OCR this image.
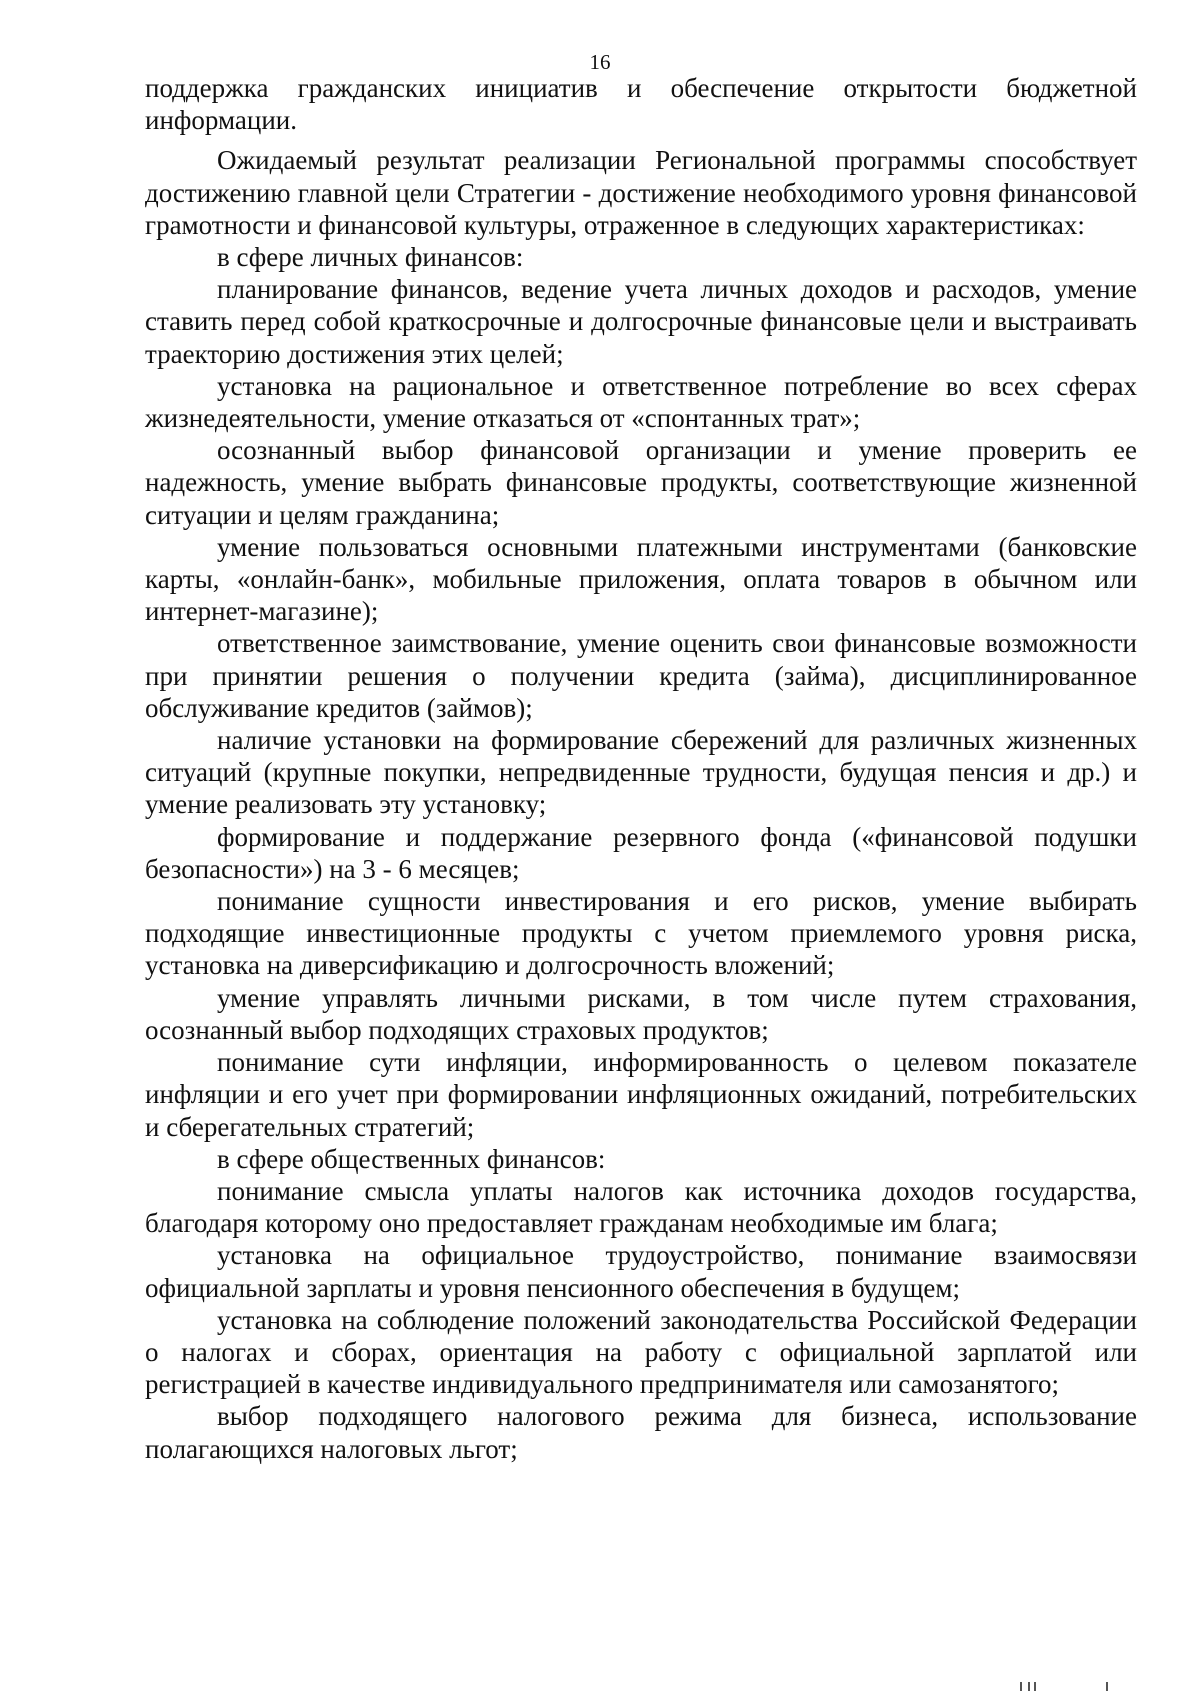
16

поддержка гражданских инициатив и обеспечение открытости бюджетной информации.

Ожидаемый результат реализации Региональной программы способствует достижению главной цели Стратегии - достижение необходимого уровня финансовой грамотности и финансовой культуры, отраженное в следующих характеристиках:

в сфере личных финансов:

планирование финансов, ведение учета личных доходов и расходов, умение ставить перед собой краткосрочные и долгосрочные финансовые цели и выстраивать траекторию достижения этих целей;

установка на рациональное и ответственное потребление во всех сферах жизнедеятельности, умение отказаться от «спонтанных трат»;

осознанный выбор финансовой организации и умение проверить ее надежность, умение выбрать финансовые продукты, соответствующие жизненной ситуации и целям гражданина;

умение пользоваться основными платежными инструментами (банковские карты, «онлайн-банк», мобильные приложения, оплата товаров в обычном или интернет-магазине);

ответственное заимствование, умение оценить свои финансовые возможности при принятии решения о получении кредита (займа), дисциплинированное обслуживание кредитов (займов);

наличие установки на формирование сбережений для различных жизненных ситуаций (крупные покупки, непредвиденные трудности, будущая пенсия и др.) и умение реализовать эту установку;

формирование и поддержание резервного фонда («финансовой подушки безопасности») на 3 - 6 месяцев;

понимание сущности инвестирования и его рисков, умение выбирать подходящие инвестиционные продукты с учетом приемлемого уровня риска, установка на диверсификацию и долгосрочность вложений;

умение управлять личными рисками, в том числе путем страхования, осознанный выбор подходящих страховых продуктов;

понимание сути инфляции, информированность о целевом показателе инфляции и его учет при формировании инфляционных ожиданий, потребительских и сберегательных стратегий;

в сфере общественных финансов:

понимание смысла уплаты налогов как источника доходов государства, благодаря которому оно предоставляет гражданам необходимые им блага;

установка на официальное трудоустройство, понимание взаимосвязи официальной зарплаты и уровня пенсионного обеспечения в будущем;

установка на соблюдение положений законодательства Российской Федерации о налогах и сборах, ориентация на работу с официальной зарплатой или регистрацией в качестве индивидуального предпринимателя или самозанятого;

выбор подходящего налогового режима для бизнеса, использование полагающихся налоговых льгот;
